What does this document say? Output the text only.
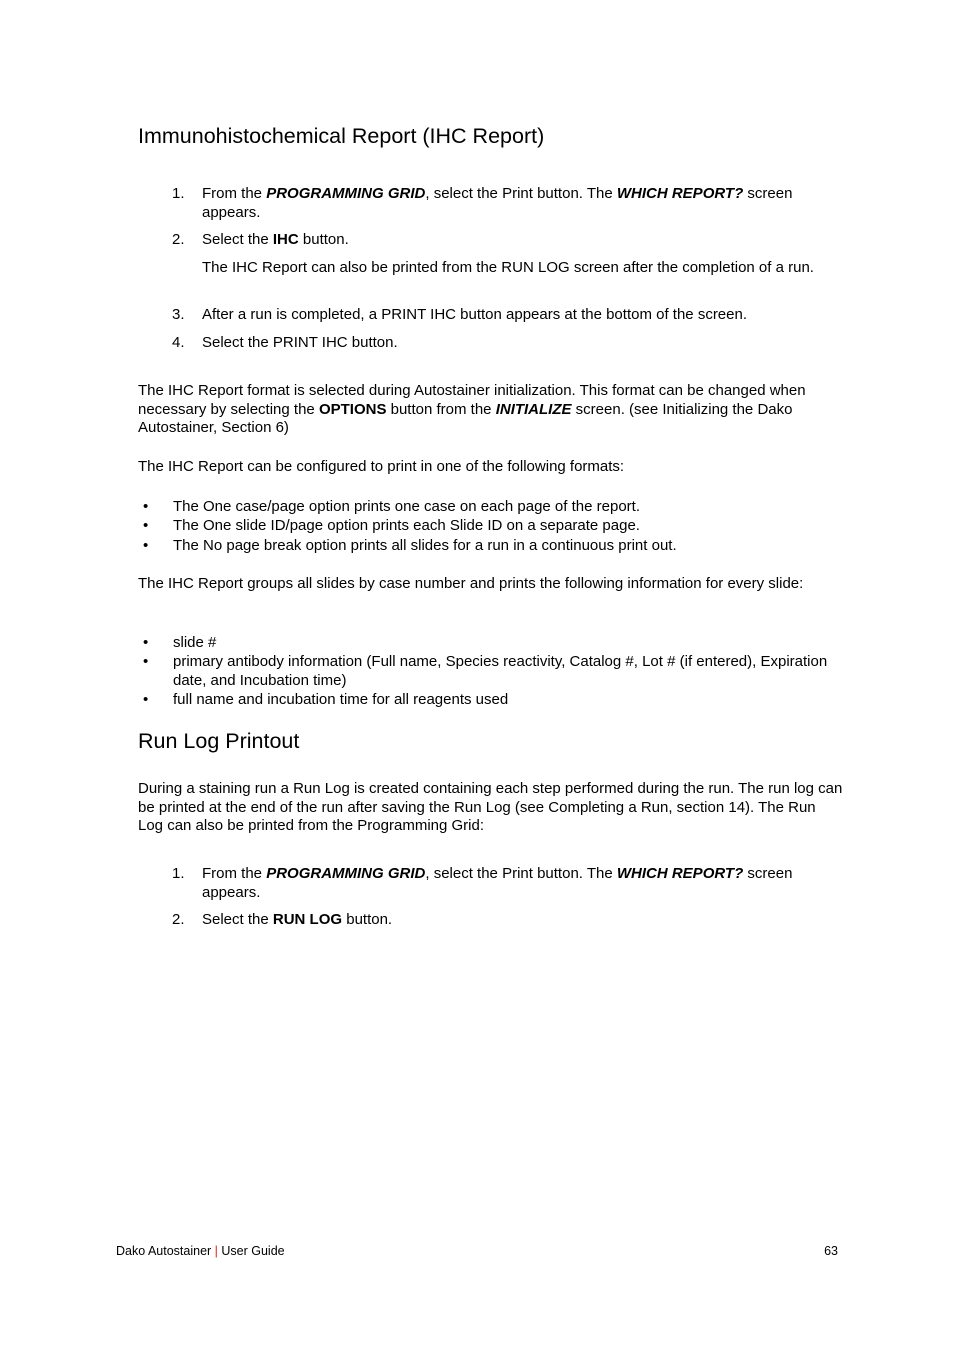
Immunohistochemical Report (IHC Report)
1.	From the PROGRAMMING GRID, select the Print button. The WHICH REPORT? screen appears.
2.	Select the IHC button.
The IHC Report can also be printed from the RUN LOG screen after the completion of a run.
3.	After a run is completed, a PRINT IHC button appears at the bottom of the screen.
4.	Select the PRINT IHC button.

The IHC Report format is selected during Autostainer initialization. This format can be changed when necessary by selecting the OPTIONS button from the INITIALIZE screen. (see Initializing the Dako Autostainer, Section 6)

The IHC Report can be configured to print in one of the following formats:

•	The One case/page option prints one case on each page of the report.
•	The One slide ID/page option prints each Slide ID on a separate page.
•	The No page break option prints all slides for a run in a continuous print out.

The IHC Report groups all slides by case number and prints the following information for every slide:

•	slide #
•	primary antibody information (Full name, Species reactivity, Catalog #, Lot # (if entered), Expiration date, and Incubation time)
•	full name and incubation time for all reagents used
Run Log Printout

During a staining run a Run Log is created containing each step performed during the run. The run log can be printed at the end of the run after saving the Run Log (see Completing a Run, section 14). The Run Log can also be printed from the Programming Grid:

1.	From the PROGRAMMING GRID, select the Print button. The WHICH REPORT? screen appears.
2.	Select the RUN LOG button.
Dako Autostainer | User Guide	63
